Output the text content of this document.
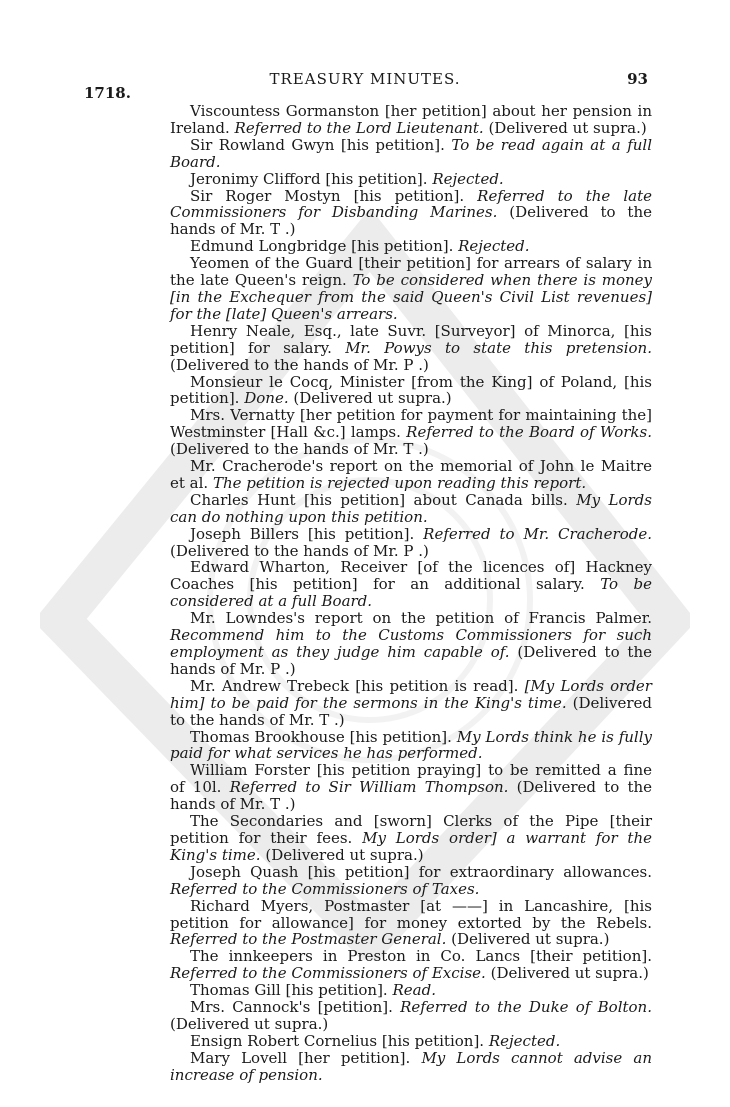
1718.
TREASURY MINUTES.	93

Viscountess Gormanston [her petition] about her pension in Ireland. Referred to the Lord Lieutenant. (Delivered ut supra.)

Sir Rowland Gwyn [his petition]. To be read again at a full Board.

Jeronimy Clifford [his petition]. Rejected.

Sir Roger Mostyn [his petition]. Referred to the late Commissioners for Disbanding Marines. (Delivered to the hands of Mr. T .)

Edmund Longbridge [his petition]. Rejected.

Yeomen of the Guard [their petition] for arrears of salary in the late Queen's reign. To be considered when there is money [in the Exchequer from the said Queen's Civil List revenues] for the [late] Queen's arrears.

Henry Neale, Esq., late Suvr. [Surveyor] of Minorca, [his petition] for salary. Mr. Powys to state this pretension. (Delivered to the hands of Mr. P .)

Monsieur le Cocq, Minister [from the King] of Poland, [his petition]. Done. (Delivered ut supra.)

Mrs. Vernatty [her petition for payment for maintaining the] Westminster [Hall &c.] lamps. Referred to the Board of Works. (Delivered to the hands of Mr. T .)

Mr. Cracherode's report on the memorial of John le Maitre et al. The petition is rejected upon reading this report.

Charles Hunt [his petition] about Canada bills. My Lords can do nothing upon this petition.

Joseph Billers [his petition]. Referred to Mr. Cracherode. (Delivered to the hands of Mr. P .)

Edward Wharton, Receiver [of the licences of] Hackney Coaches [his petition] for an additional salary. To be considered at a full Board.

Mr. Lowndes's report on the petition of Francis Palmer. Recommend him to the Customs Commissioners for such employment as they judge him capable of. (Delivered to the hands of Mr. P .)

Mr. Andrew Trebeck [his petition is read]. [My Lords order him] to be paid for the sermons in the King's time. (Delivered to the hands of Mr. T .)

Thomas Brookhouse [his petition]. My Lords think he is fully paid for what services he has performed.

William Forster [his petition praying] to be remitted a fine of 10l. Referred to Sir William Thompson. (Delivered to the hands of Mr. T .)

The Secondaries and [sworn] Clerks of the Pipe [their petition for their fees. My Lords order] a warrant for the King's time. (Delivered ut supra.)

Joseph Quash [his petition] for extraordinary allowances. Referred to the Commissioners of Taxes.

Richard Myers, Postmaster [at ——] in Lancashire, [his petition for allowance] for money extorted by the Rebels. Referred to the Postmaster General. (Delivered ut supra.)

The innkeepers in Preston in Co. Lancs [their petition]. Referred to the Commissioners of Excise. (Delivered ut supra.)

Thomas Gill [his petition]. Read.

Mrs. Cannock's [petition]. Referred to the Duke of Bolton. (Delivered ut supra.)

Ensign Robert Cornelius [his petition]. Rejected.

Mary Lovell [her petition]. My Lords cannot advise an increase of pension.
